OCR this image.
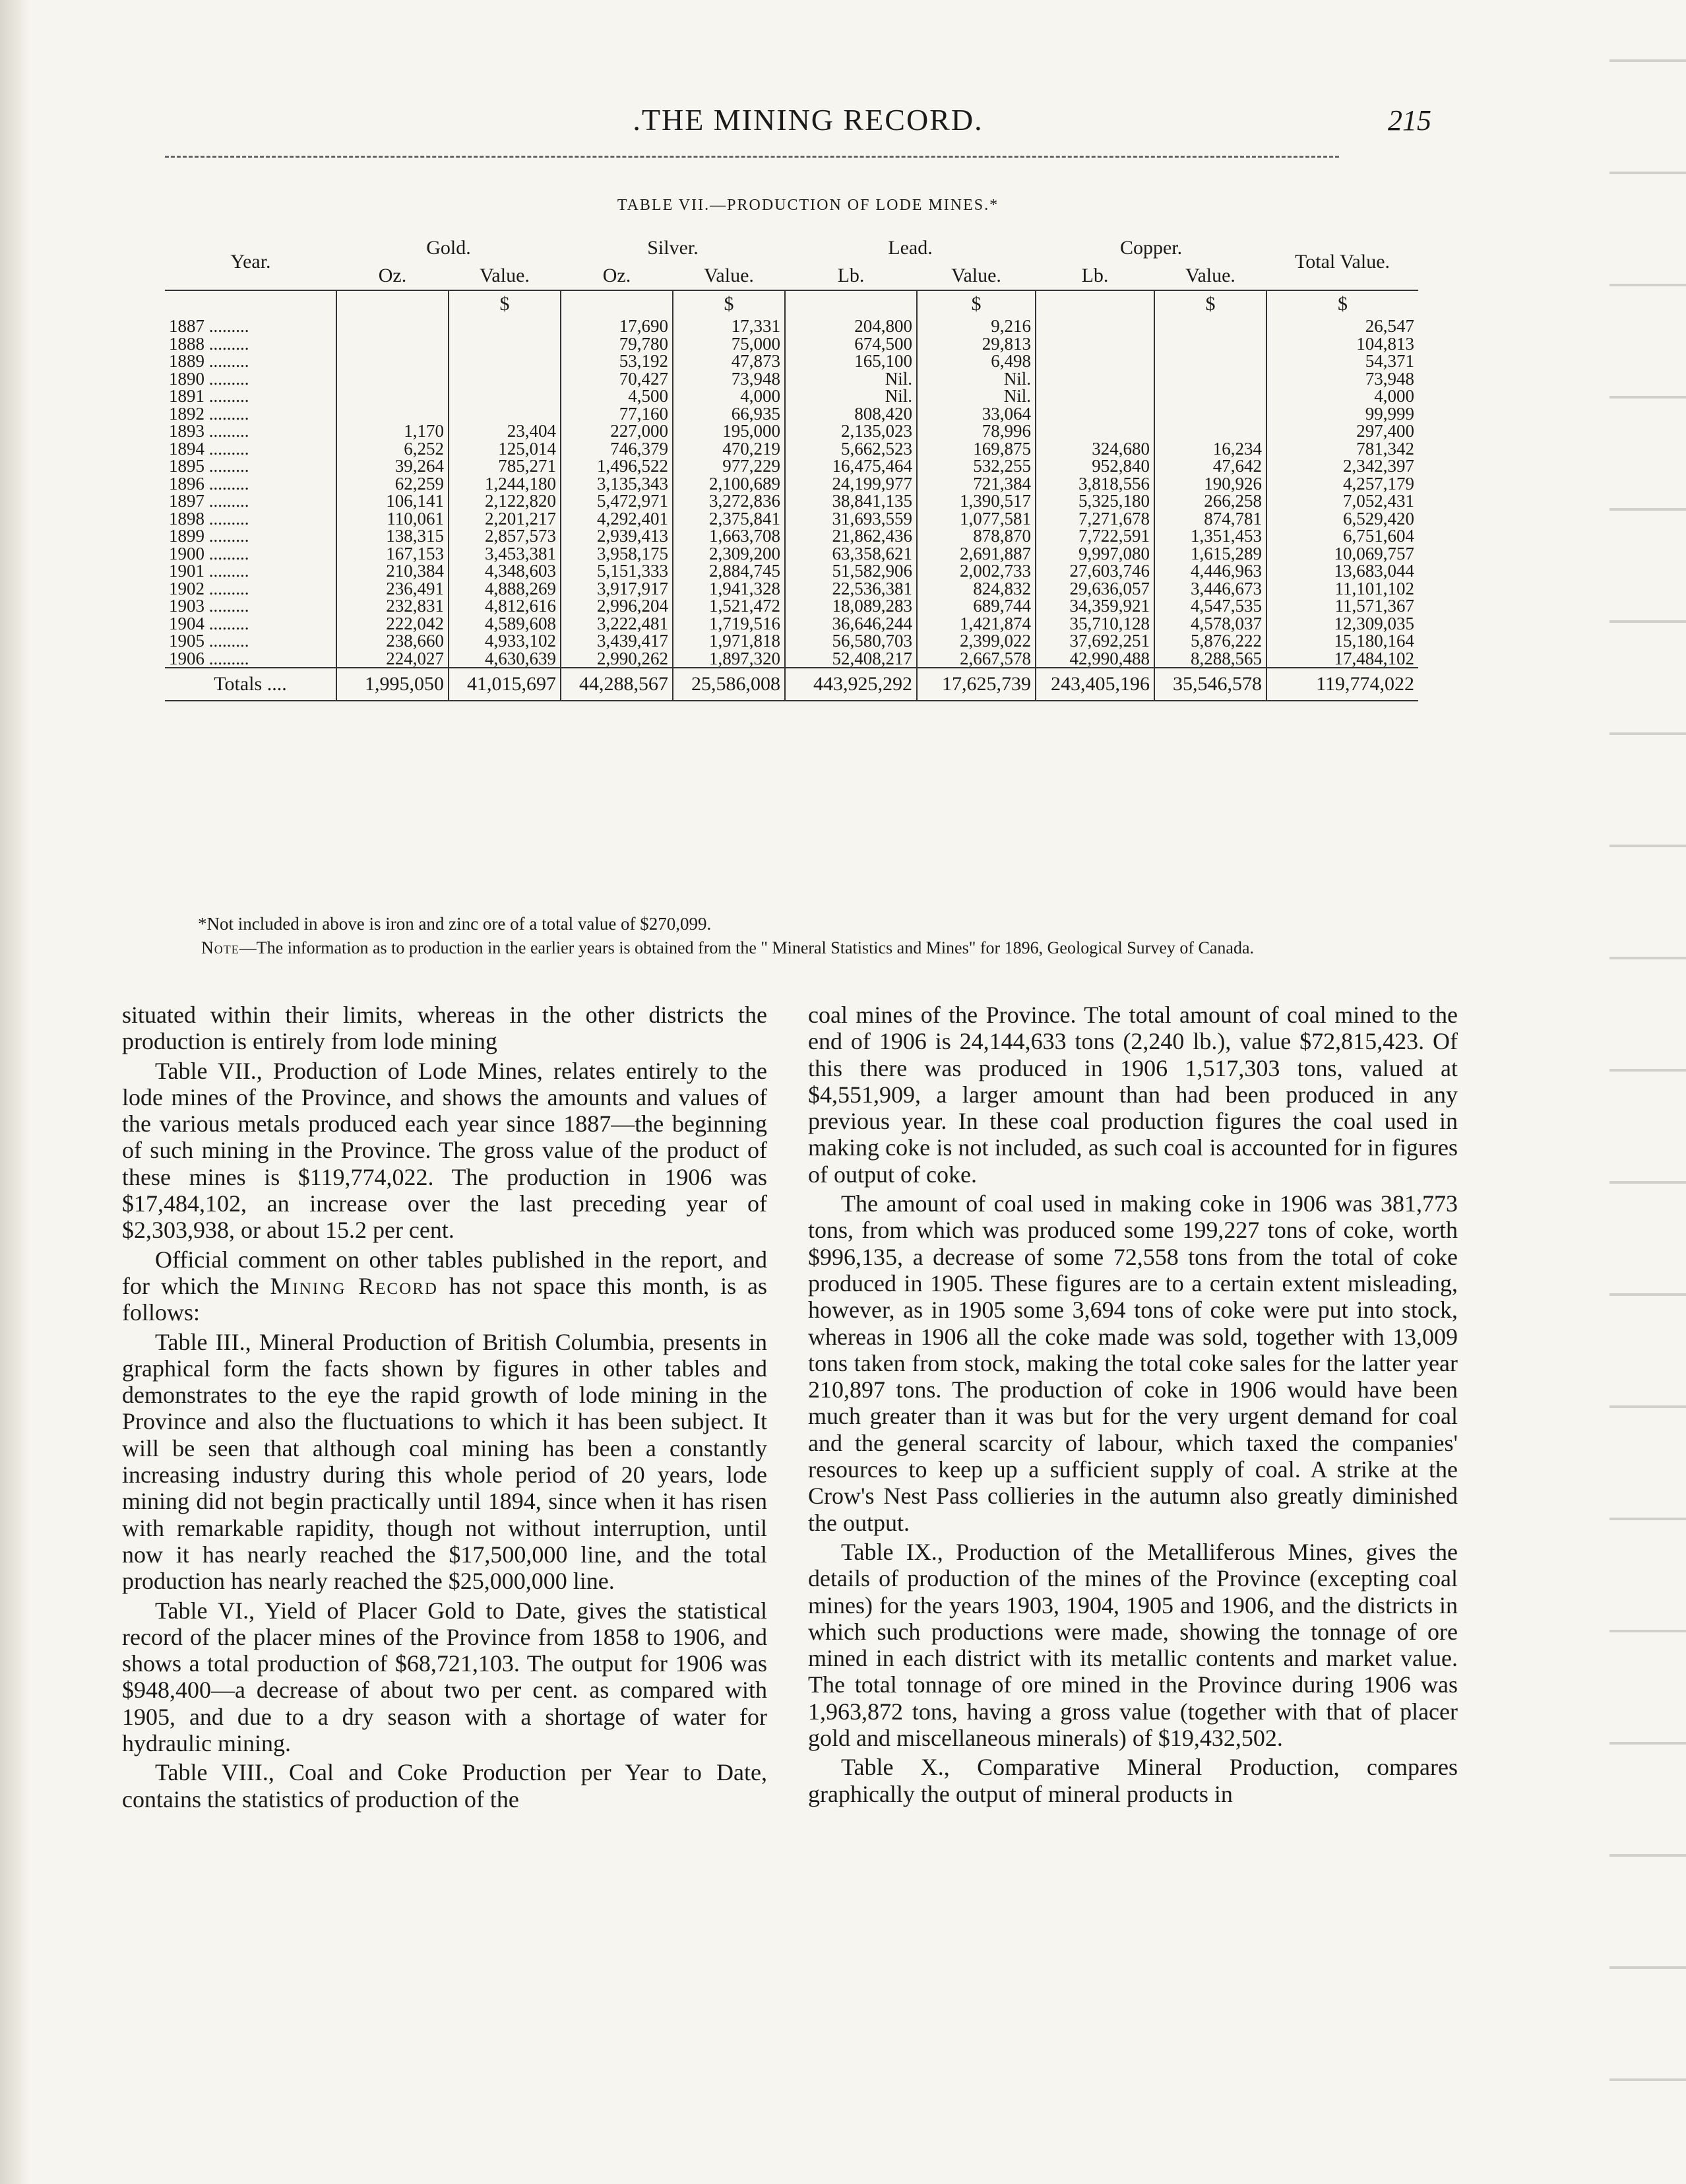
.THE MINING RECORD.	215
TABLE VII.—PRODUCTION OF LODE MINES.*
Year.	Gold.		Silver.		Lead.		Copper.		Total Value.
	Oz.	Value.	Oz.	Value.	Lb.	Value.	Lb.	Value.	
		$		$		$		$	$
1887 .........			17,690	17,331	204,800	9,216			26,547
1888 .........			79,780	75,000	674,500	29,813			104,813
1889 .........			53,192	47,873	165,100	6,498			54,371
1890 .........			70,427	73,948	Nil.	Nil.			73,948
1891 .........			4,500	4,000	Nil.	Nil.			4,000
1892 .........			77,160	66,935	808,420	33,064			99,999
1893 .........	1,170	23,404	227,000	195,000	2,135,023	78,996			297,400
1894 .........	6,252	125,014	746,379	470,219	5,662,523	169,875	324,680	16,234	781,342
1895 .........	39,264	785,271	1,496,522	977,229	16,475,464	532,255	952,840	47,642	2,342,397
1896 .........	62,259	1,244,180	3,135,343	2,100,689	24,199,977	721,384	3,818,556	190,926	4,257,179
1897 .........	106,141	2,122,820	5,472,971	3,272,836	38,841,135	1,390,517	5,325,180	266,258	7,052,431
1898 .........	110,061	2,201,217	4,292,401	2,375,841	31,693,559	1,077,581	7,271,678	874,781	6,529,420
1899 .........	138,315	2,857,573	2,939,413	1,663,708	21,862,436	878,870	7,722,591	1,351,453	6,751,604
1900 .........	167,153	3,453,381	3,958,175	2,309,200	63,358,621	2,691,887	9,997,080	1,615,289	10,069,757
1901 .........	210,384	4,348,603	5,151,333	2,884,745	51,582,906	2,002,733	27,603,746	4,446,963	13,683,044
1902 .........	236,491	4,888,269	3,917,917	1,941,328	22,536,381	824,832	29,636,057	3,446,673	11,101,102
1903 .........	232,831	4,812,616	2,996,204	1,521,472	18,089,283	689,744	34,359,921	4,547,535	11,571,367
1904 .........	222,042	4,589,608	3,222,481	1,719,516	36,646,244	1,421,874	35,710,128	4,578,037	12,309,035
1905 .........	238,660	4,933,102	3,439,417	1,971,818	56,580,703	2,399,022	37,692,251	5,876,222	15,180,164
1906 .........	224,027	4,630,639	2,990,262	1,897,320	52,408,217	2,667,578	42,990,488	8,288,565	17,484,102
Totals ....	1,995,050	41,015,697	44,288,567	25,586,008	443,925,292	17,625,739	243,405,196	35,546,578	119,774,022
*Not included in above is iron and zinc ore of a total value of $270,099.
Note—The information as to production in the earlier years is obtained from the " Mineral Statistics and Mines" for 1896, Geological Survey of Canada.

situated within their limits, whereas in the other districts the production is entirely from lode mining

Table VII., Production of Lode Mines, relates entirely to the lode mines of the Province, and shows the amounts and values of the various metals produced each year since 1887—the beginning of such mining in the Province. The gross value of the product of these mines is $119,774,022. The production in 1906 was $17,484,102, an increase over the last preceding year of $2,303,938, or about 15.2 per cent.

Official comment on other tables published in the report, and for which the Mining Record has not space this month, is as follows:

Table III., Mineral Production of British Columbia, presents in graphical form the facts shown by figures in other tables and demonstrates to the eye the rapid growth of lode mining in the Province and also the fluctuations to which it has been subject. It will be seen that although coal mining has been a constantly increasing industry during this whole period of 20 years, lode mining did not begin practically until 1894, since when it has risen with remarkable rapidity, though not without interruption, until now it has nearly reached the $17,500,000 line, and the total production has nearly reached the $25,000,000 line.

Table VI., Yield of Placer Gold to Date, gives the statistical record of the placer mines of the Province from 1858 to 1906, and shows a total production of $68,721,103. The output for 1906 was $948,400—a decrease of about two per cent. as compared with 1905, and due to a dry season with a shortage of water for hydraulic mining.

Table VIII., Coal and Coke Production per Year to Date, contains the statistics of production of the

coal mines of the Province. The total amount of coal mined to the end of 1906 is 24,144,633 tons (2,240 lb.), value $72,815,423. Of this there was produced in 1906 1,517,303 tons, valued at $4,551,909, a larger amount than had been produced in any previous year. In these coal production figures the coal used in making coke is not included, as such coal is accounted for in figures of output of coke.

The amount of coal used in making coke in 1906 was 381,773 tons, from which was produced some 199,227 tons of coke, worth $996,135, a decrease of some 72,558 tons from the total of coke produced in 1905. These figures are to a certain extent misleading, however, as in 1905 some 3,694 tons of coke were put into stock, whereas in 1906 all the coke made was sold, together with 13,009 tons taken from stock, making the total coke sales for the latter year 210,897 tons. The production of coke in 1906 would have been much greater than it was but for the very urgent demand for coal and the general scarcity of labour, which taxed the companies' resources to keep up a sufficient supply of coal. A strike at the Crow's Nest Pass collieries in the autumn also greatly diminished the output.

Table IX., Production of the Metalliferous Mines, gives the details of production of the mines of the Province (excepting coal mines) for the years 1903, 1904, 1905 and 1906, and the districts in which such productions were made, showing the tonnage of ore mined in each district with its metallic contents and market value. The total tonnage of ore mined in the Province during 1906 was 1,963,872 tons, having a gross value (together with that of placer gold and miscellaneous minerals) of $19,432,502.

Table X., Comparative Mineral Production, compares graphically the output of mineral products in
